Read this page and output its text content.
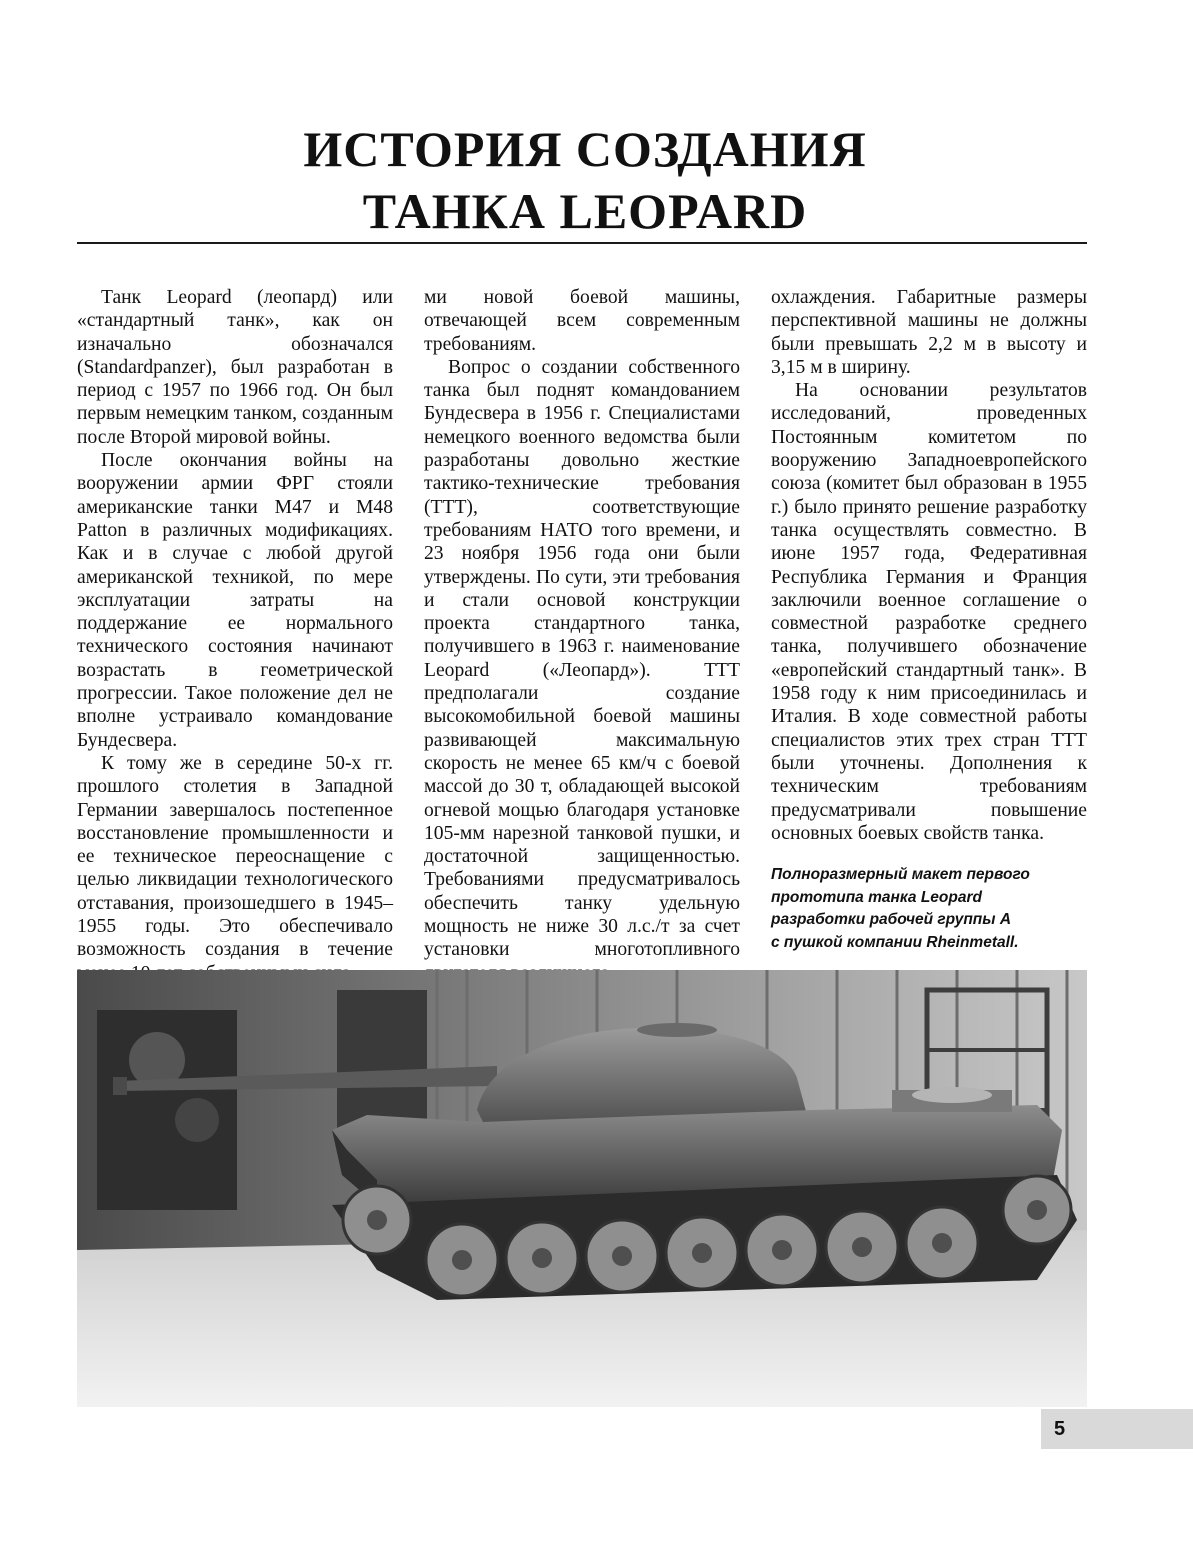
ИСТОРИЯ СОЗДАНИЯ
ТАНКА LEOPARD

Танк Leopard (леопард) или «стандартный танк», как он изначально обозначался (Standardpanzer), был разработан в период с 1957 по 1966 год. Он был первым немецким танком, созданным после Второй мировой войны.

После окончания войны на вооружении армии ФРГ стояли американские танки М47 и М48 Patton в различных модификациях. Как и в случае с любой другой американской техникой, по мере эксплуатации затраты на поддержание ее нормального технического состояния начинают возрастать в геометрической прогрессии. Такое положение дел не вполне устраивало командование Бундесвера.

К тому же в середине 50-х гг. прошлого столетия в Западной Германии завершалось постепенное восстановление промышленности и ее техническое переоснащение с целью ликвидации технологического отставания, произошедшего в 1945–1955 годы. Это обеспечивало возможность создания в течение

ми новой боевой машины, отвечающей всем современным требованиям.

Вопрос о создании собственного танка был поднят командованием Бундесвера в 1956 г. Специалистами немецкого военного ведомства были разработаны довольно жесткие тактико-технические требования (ТТТ), соответствующие требованиям НАТО того времени, и 23 ноября 1956 года они были утверждены. По сути, эти требования и стали основой конструкции проекта стандартного танка, получившего в 1963 г. наименование Leopard («Леопард»). ТТТ предполагали создание высокомобильной боевой машины развивающей максимальную скорость не менее 65 км/ч с боевой массой до 30 т, обладающей высокой огневой мощью благодаря установке 105-мм нарезной танковой пушки, и достаточной защищенностью. Требованиями предусматривалось обеспечить танку удельную мощность не ниже 30 л.с./т за счет установки многотопливного

охлаждения. Габаритные размеры перспективной машины не должны были превышать 2,2 м в высоту и 3,15 м в ширину.

На основании результатов исследований, проведенных Постоянным комитетом по вооружению Западноевропейского союза (комитет был образован в 1955 г.) было принято решение разработку танка осуществлять совместно. В июне 1957 года, Федеративная Республика Германия и Франция заключили военное соглашение о совместной разработке среднего танка, получившего обозначение «европейский стандартный танк». В 1958 году к ним присоединилась и Италия. В ходе совместной работы специалистов этих трех стран ТТТ были уточнены. Дополнения к техническим требованиям предусматривали повышение основных боевых свойств танка.

Полноразмерный макет первого
прототипа танка Leopard
разработки рабочей группы А
с пушкой компании Rheinmetall.
5
